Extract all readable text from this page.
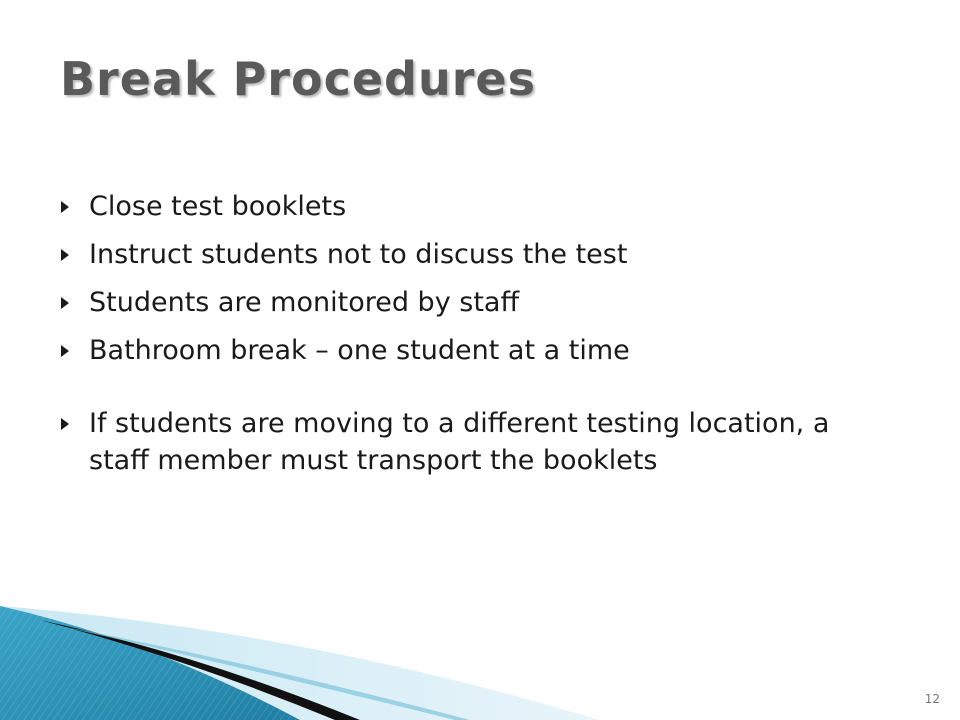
Break Procedures
Close test booklets
Instruct students not to discuss the test
Students are monitored by staff
Bathroom break – one student at a time
If students are moving to a different testing location, a staff member must transport the booklets
12
